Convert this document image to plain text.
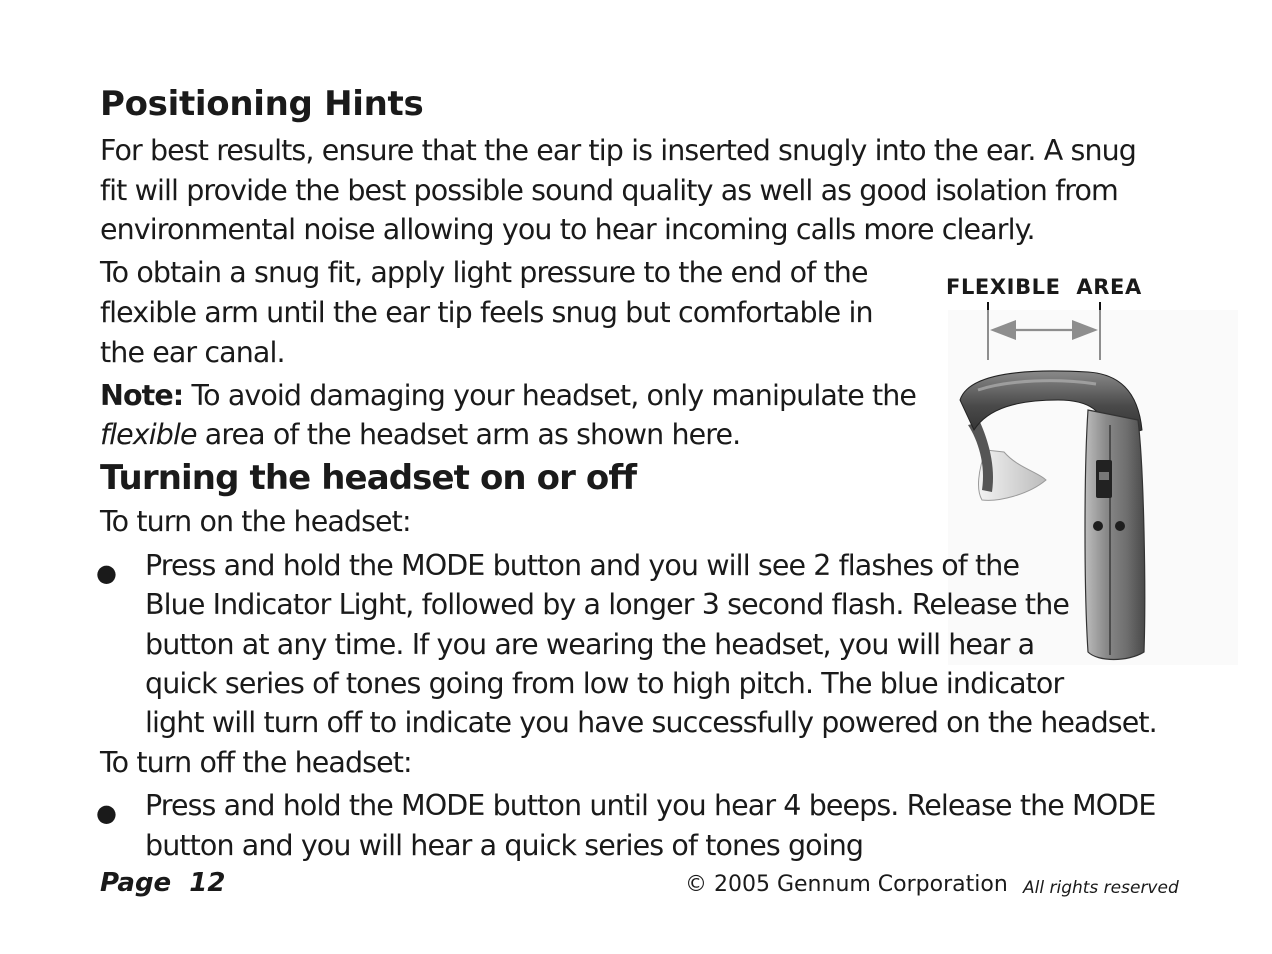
Positioning Hints
For best results, ensure that the ear tip is inserted snugly into the ear. A snug
fit will provide the best possible sound quality as well as good isolation from
environmental noise allowing you to hear incoming calls more clearly.
To obtain a snug fit, apply light pressure to the end of the
flexible arm until the ear tip feels snug but comfortable in
the ear canal.
Note: To avoid damaging your headset, only manipulate the
flexible area of the headset arm as shown here.
FLEXIBLE  AREA
Turning the headset on or off
To turn on the headset:
● Press and hold the MODE button and you will see 2 flashes of the
Blue Indicator Light, followed by a longer 3 second flash. Release the
button at any time. If you are wearing the headset, you will hear a
quick series of tones going from low to high pitch. The blue indicator
light will turn off to indicate you have successfully powered on the headset.
To turn off the headset:
● Press and hold the MODE button until you hear 4 beeps. Release the MODE
button and you will hear a quick series of tones going
Page  12	© 2005 Gennum Corporation All rights reserved
